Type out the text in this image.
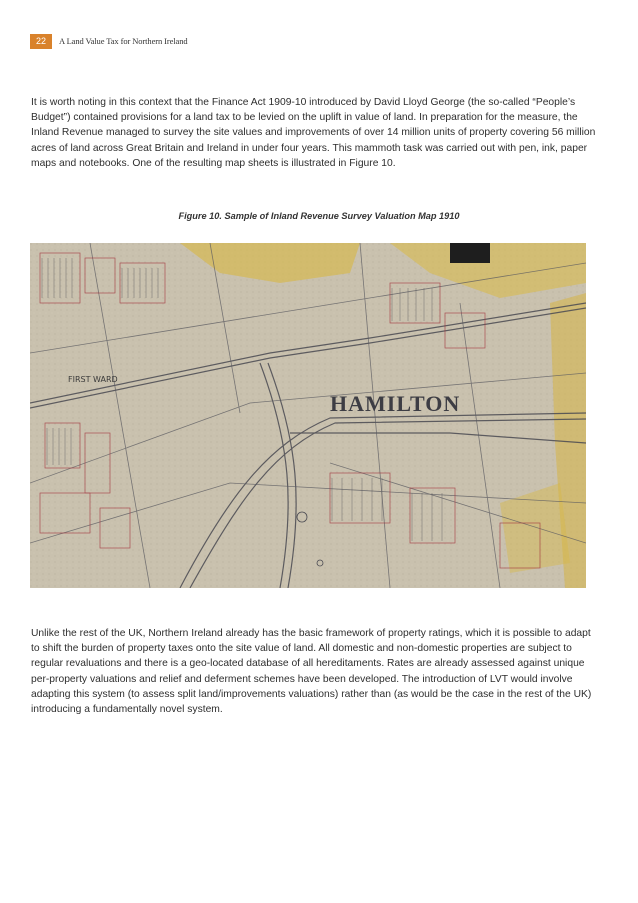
22	A Land Value Tax for Northern Ireland

It is worth noting in this context that the Finance Act 1909-10 introduced by David Lloyd George (the so-called “People’s Budget”) contained provisions for a land tax to be levied on the uplift in value of land. In preparation for the measure, the Inland Revenue managed to survey the site values and improvements of over 14 million units of property covering 56 million acres of land across Great Britain and Ireland in under four years. This mammoth task was carried out with pen, ink, paper maps and notebooks. One of the resulting map sheets is illustrated in Figure 10.

Figure 10. Sample of Inland Revenue Survey Valuation Map 1910
FIRST WARD
HAMILTON

Unlike the rest of the UK, Northern Ireland already has the basic framework of property ratings, which it is possible to adapt to shift the burden of property taxes onto the site value of land. All domestic and non-domestic properties are subject to regular revaluations and there is a geo-located database of all hereditaments. Rates are already assessed against unique per-property valuations and relief and deferment schemes have been developed. The introduction of LVT would involve adapting this system (to assess split land/improvements valuations) rather than (as would be the case in the rest of the UK) introducing a fundamentally novel system.
